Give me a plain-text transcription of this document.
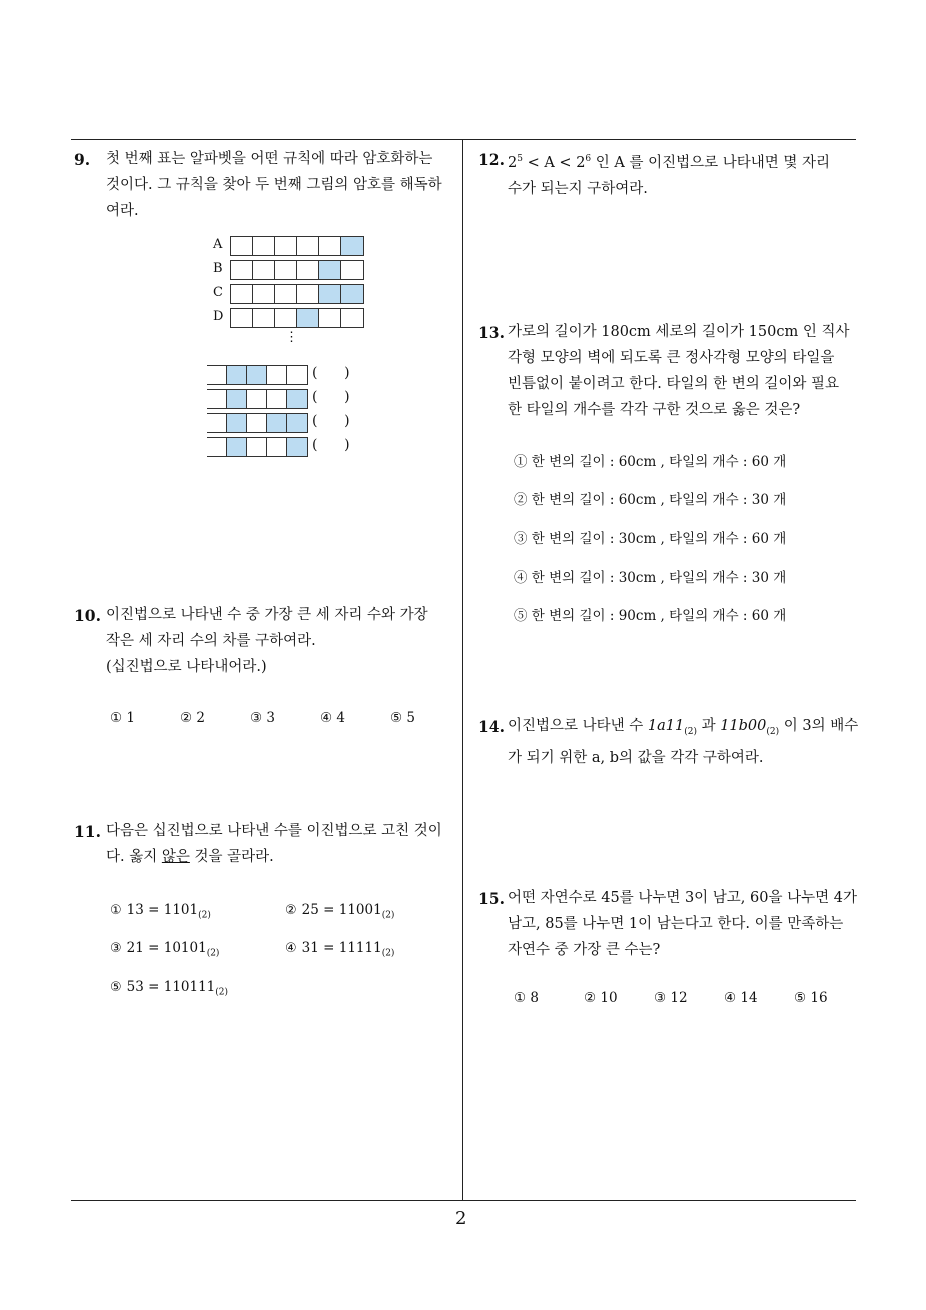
9. 첫 번째 표는 알파벳을 어떤 규칙에 따라 암호화하는
것이다. 그 규칙을 찾아 두 번째 그림의 암호를 해독하
여라.
A
B
C
D
⋮
(      )
(      )
(      )
(      )
10. 이진법으로 나타낸 수 중 가장 큰 세 자리 수와 가장
작은 세 자리 수의 차를 구하여라.
(십진법으로 나타내어라.)
① 1	② 2	③ 3	④ 4	⑤ 5
11. 다음은 십진법으로 나타낸 수를 이진법으로 고친 것이
다. 옳지 않은 것을 골라라.
① $13 = 1101_{(2)}$	② $25 = 11001_{(2)}$
③ $21 = 10101_{(2)}$	④ $31 = 11111_{(2)}$
⑤ $53 = 110111_{(2)}$
12. $2^5 < A < 2^6$ 인 A 를 이진법으로 나타내면 몇 자리
수가 되는지 구하여라.
13. 가로의 길이가 180cm 세로의 길이가 150cm 인 직사
각형 모양의 벽에 되도록 큰 정사각형 모양의 타일을
빈틈없이 붙이려고 한다. 타일의 한 변의 길이와 필요
한 타일의 개수를 각각 구한 것으로 옳은 것은?
① 한 변의 길이 : 60cm , 타일의 개수 : 60 개
② 한 변의 길이 : 60cm , 타일의 개수 : 30 개
③ 한 변의 길이 : 30cm , 타일의 개수 : 60 개
④ 한 변의 길이 : 30cm , 타일의 개수 : 30 개
⑤ 한 변의 길이 : 90cm , 타일의 개수 : 60 개
14. 이진법으로 나타낸 수 $1a11_{(2)}$ 과 $11b00_{(2)}$ 이 3의 배수
가 되기 위한 a, b의 값을 각각 구하여라.
15. 어떤 자연수로 45를 나누면 3이 남고, 60을 나누면 4가
남고, 85를 나누면 1이 남는다고 한다. 이를 만족하는
자연수 중 가장 큰 수는?
① 8	② 10	③ 12	④ 14	⑤ 16
2
